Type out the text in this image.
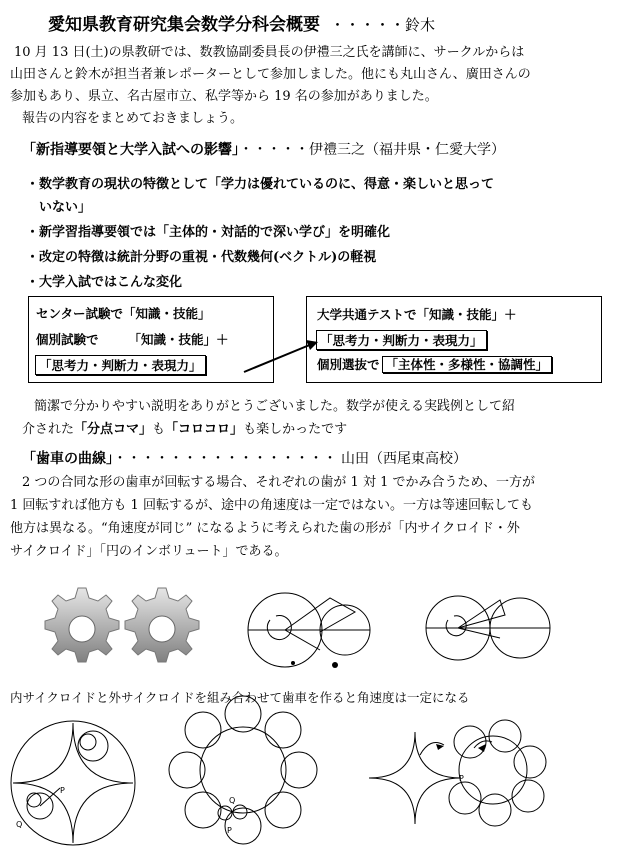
愛知県教育研究集会数学分科会概要 ・・・・・鈴木
10 月 13 日(土)の県教研では、数教協副委員長の伊禮三之氏を講師に、サークルからは
山田さんと鈴木が担当者兼レポーターとして参加しました。他にも丸山さん、廣田さんの
参加もあり、県立、名古屋市立、私学等から 19 名の参加がありました。
報告の内容をまとめておきましょう。
「新指導要領と大学入試への影響」・・・・・伊禮三之（福井県・仁愛大学）
・数学教育の現状の特徴として「学力は優れているのに、得意・楽しいと思って
　いない」
・新学習指導要領では「主体的・対話的で深い学び」を明確化
・改定の特徴は統計分野の重視・代数幾何(ベクトル)の軽視
・大学入試ではこんな変化
センター試験で「知識・技能」
個別試験で 「知識・技能」＋
「思考力・判断力・表現力」
大学共通テストで「知識・技能」＋
「思考力・判断力・表現力」
個別選抜で 「主体性・多様性・協調性」
簡潔で分かりやすい説明をありがとうございました。数学が使える実践例として紹
介された「分点コマ」も「コロコロ」も楽しかったです
「歯車の曲線」・・・・・・・・・・・・・・・・ 山田（西尾東高校）
2 つの合同な形の歯車が回転する場合、それぞれの歯が 1 対 1 でかみ合うため、一方が
1 回転すれば他方も 1 回転するが、途中の角速度は一定ではない。一方は等速回転しても
他方は異なる。“角速度が同じ” になるように考えられた歯の形が「内サイクロイド・外
サイクロイド」「円のインボリュート」である。
内サイクロイドと外サイクロイドを組み合わせて歯車を作ると角速度は一定になる
P
Q
Q
P
P
